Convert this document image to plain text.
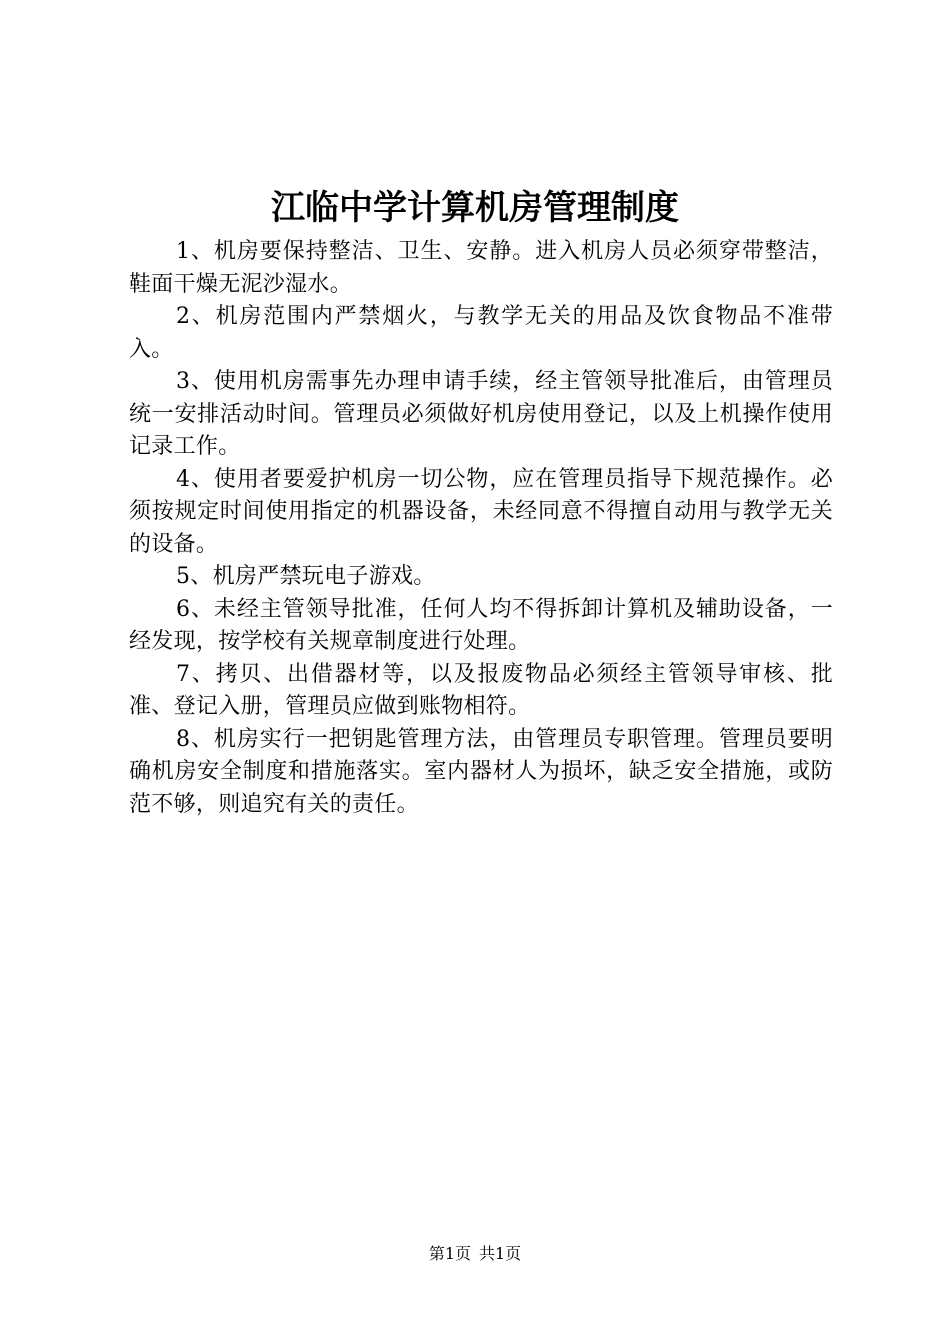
江临中学计算机房管理制度

1、机房要保持整洁、卫生、安静。进入机房人员必须穿带整洁，鞋面干燥无泥沙湿水。

2、机房范围内严禁烟火，与教学无关的用品及饮食物品不准带入。

3、使用机房需事先办理申请手续，经主管领导批准后，由管理员统一安排活动时间。管理员必须做好机房使用登记，以及上机操作使用记录工作。

4、使用者要爱护机房一切公物，应在管理员指导下规范操作。必须按规定时间使用指定的机器设备，未经同意不得擅自动用与教学无关的设备。

5、机房严禁玩电子游戏。

6、未经主管领导批准，任何人均不得拆卸计算机及辅助设备，一经发现，按学校有关规章制度进行处理。

7、拷贝、出借器材等，以及报废物品必须经主管领导审核、批准、登记入册，管理员应做到账物相符。

8、机房实行一把钥匙管理方法，由管理员专职管理。管理员要明确机房安全制度和措施落实。室内器材人为损坏，缺乏安全措施，或防范不够，则追究有关的责任。

第1页 共1页
